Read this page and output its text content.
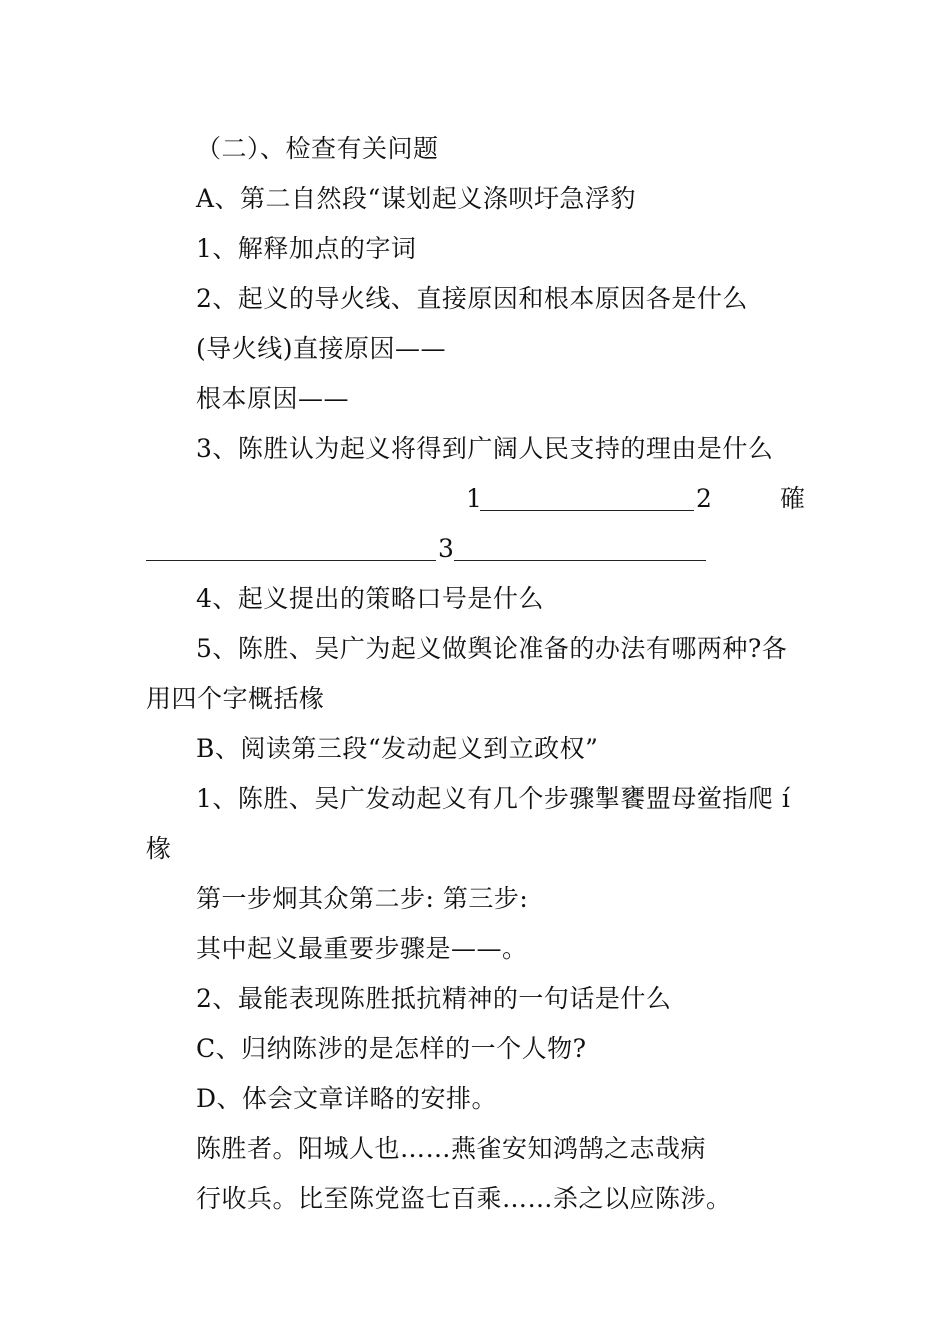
（二）、检查有关问题
A、第二自然段“谋划起义涤呗圩急浮豹
1、解释加点的字词
2、起义的导火线、直接原因和根本原因各是什么
(导火线)直接原因——
根本原因——
3、陈胜认为起义将得到广阔人民支持的理由是什么
1	2	確
3
4、起义提出的策略口号是什么
5、陈胜、吴广为起义做舆论准备的办法有哪两种?各
用四个字概括椽
B、阅读第三段“发动起义到立政权”
1、陈胜、吴广发动起义有几个步骤掣饔盟母鲎指爬 í
椽
第一步炯其众第二步: 第三步:
其中起义最重要步骤是——。
2、最能表现陈胜抵抗精神的一句话是什么
C、归纳陈涉的是怎样的一个人物?
D、体会文章详略的安排。
陈胜者。阳城人也……燕雀安知鸿鹄之志哉病
行收兵。比至陈党盗七百乘……杀之以应陈涉。
